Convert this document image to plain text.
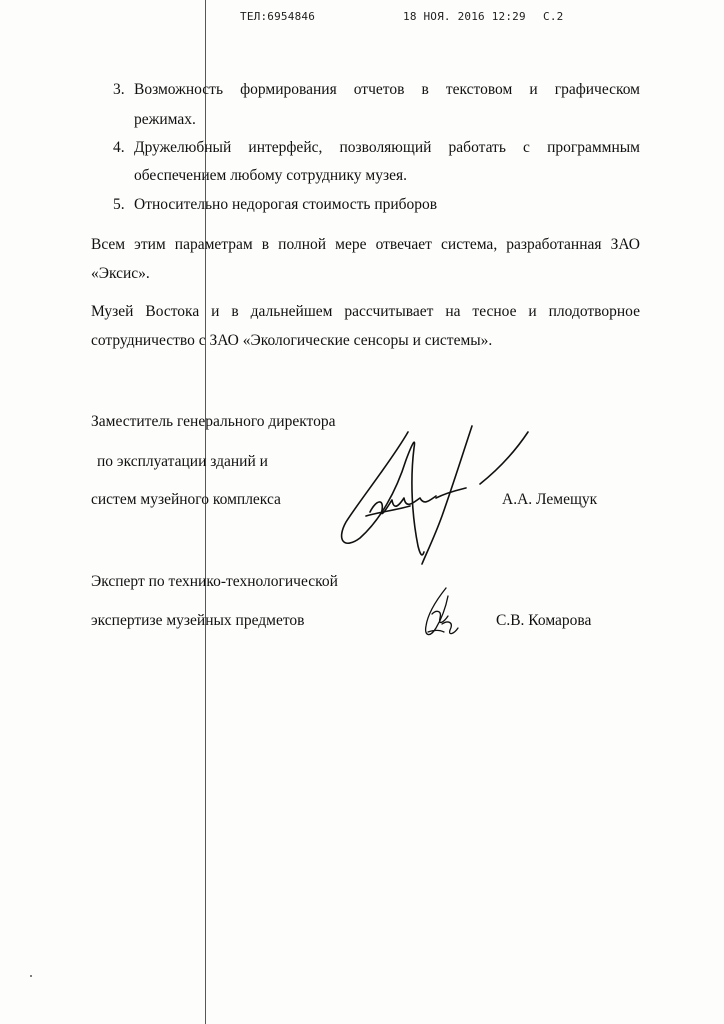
ТЕЛ:6954846	18 НОЯ. 2016 12:29 С.2
3. Возможность формирования отчетов в текстовом и графическом
режимах.
4. Дружелюбный интерфейс, позволяющий работать с программным
обеспечением любому сотруднику музея.
5. Относительно недорогая стоимость приборов
Всем этим параметрам в полной мере отвечает система, разработанная ЗАО
«Эксис».
Музей Востока и в дальнейшем рассчитывает на тесное и плодотворное
сотрудничество с ЗАО «Экологические сенсоры и системы».
Заместитель генерального директора
по эксплуатации зданий и
систем музейного комплекса	А.А. Лемещук
Эксперт по технико-технологической
экспертизе музейных предметов	С.В. Комарова
